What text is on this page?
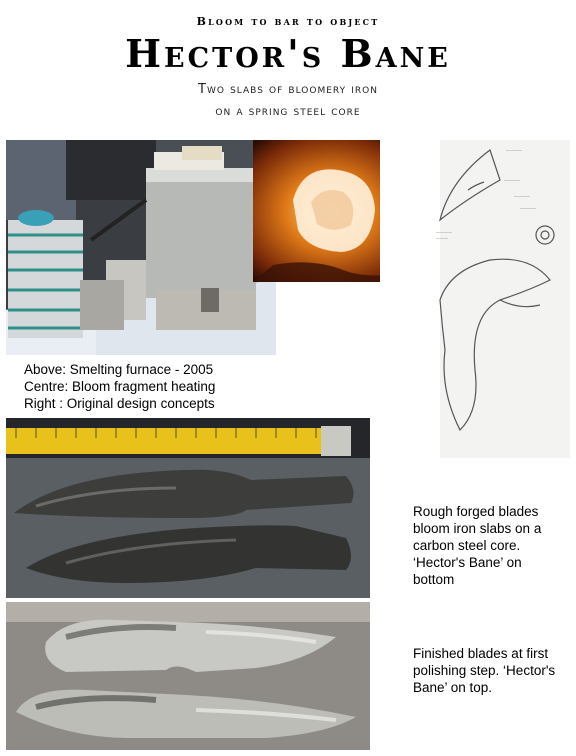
Bloom to bar to object
Hector's Bane
Two slabs of bloomery iron
on a spring steel core
————
————
————
————
————
———
Above: Smelting furnace - 2005
Centre: Bloom fragment heating
Right : Original design concepts
Rough forged blades bloom iron slabs on a carbon steel core. ‘Hector's Bane’ on bottom
Finished blades at first polishing step. ‘Hector's Bane’ on top.
